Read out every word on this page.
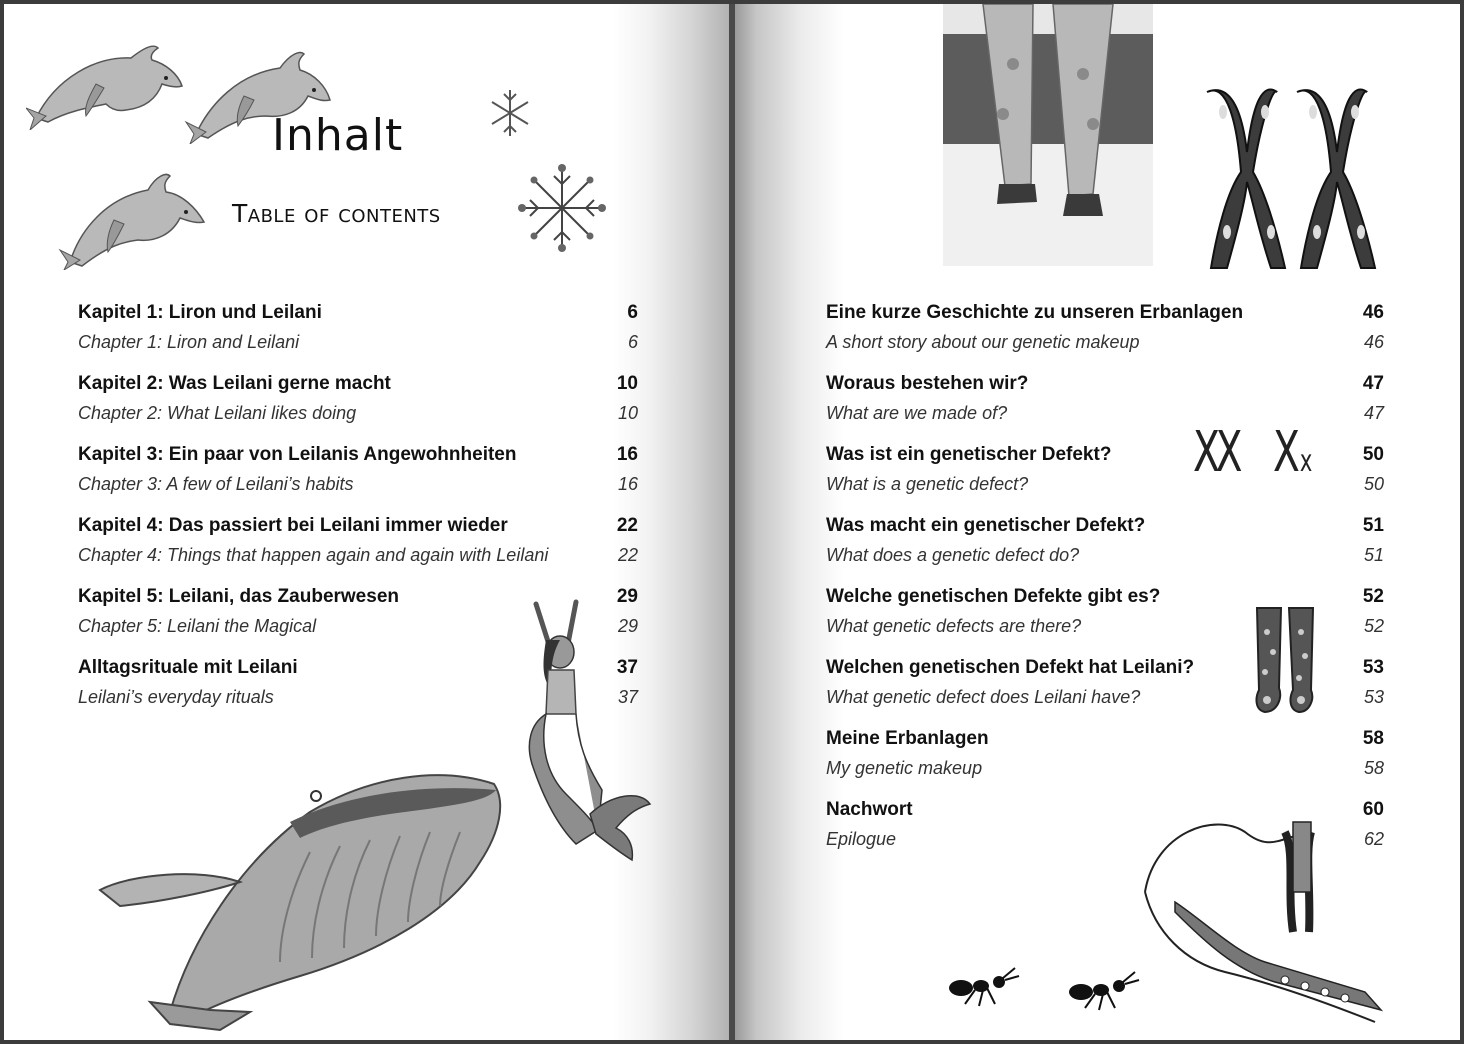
Inhalt
Table of contents
Kapitel 1: Liron und Leilani	6
Chapter 1: Liron and Leilani	6
Kapitel 2: Was Leilani gerne macht	10
Chapter 2: What Leilani likes doing	10
Kapitel 3: Ein paar von Leilanis Angewohnheiten	16
Chapter 3: A few of Leilani’s habits	16
Kapitel 4: Das passiert bei Leilani immer wieder	22
Chapter 4: Things that happen again and again with Leilani	22
Kapitel 5: Leilani, das Zauberwesen	29
Chapter 5: Leilani the Magical	29
Alltagsrituale mit Leilani	37
Leilani’s everyday rituals	37
XX Xx
Eine kurze Geschichte zu unseren Erbanlagen	46
A short story about our genetic makeup	46
Woraus bestehen wir?	47
What are we made of?	47
Was ist ein genetischer Defekt?	50
What is a genetic defect?	50
Was macht ein genetischer Defekt?	51
What does a genetic defect do?	51
Welche genetischen Defekte gibt es?	52
What genetic defects are there?	52
Welchen genetischen Defekt hat Leilani?	53
What genetic defect does Leilani have?	53
Meine Erbanlagen	58
My genetic makeup	58
Nachwort	60
Epilogue	62
